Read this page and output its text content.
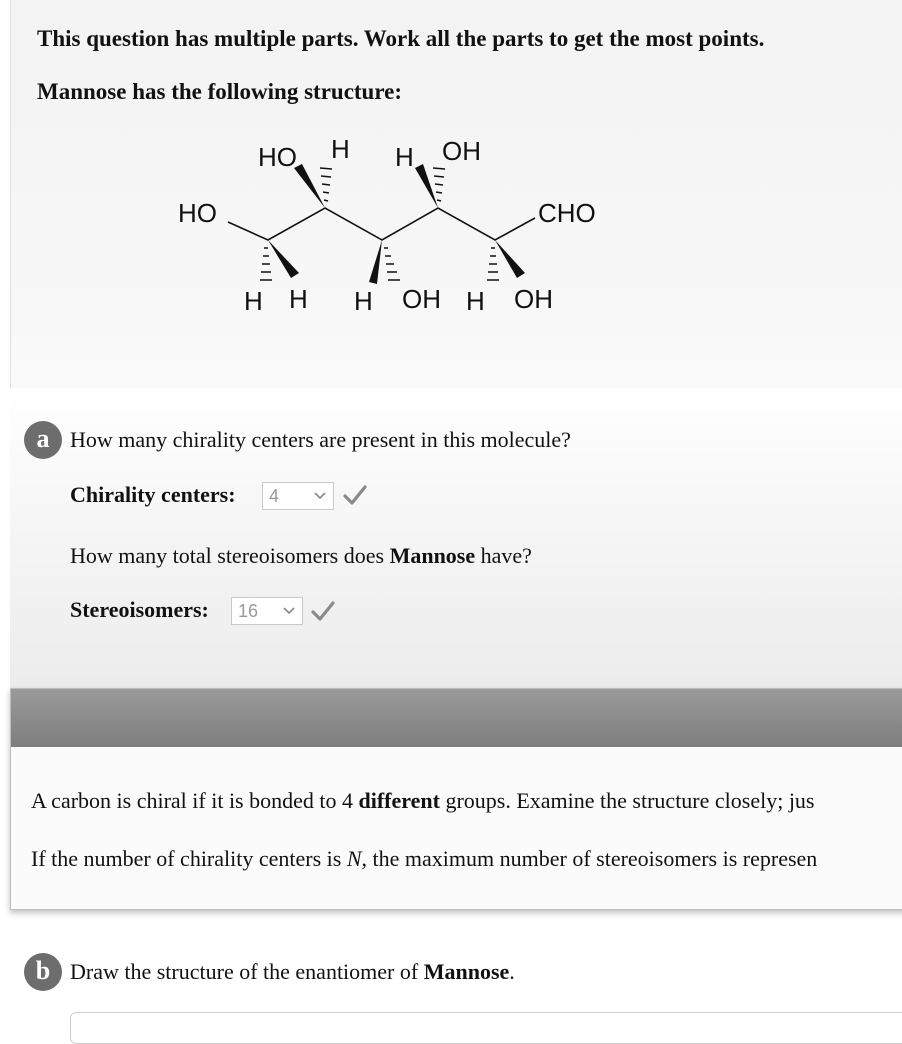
This question has multiple parts. Work all the parts to get the most points.

Mannose has the following structure:

HO	CHO
HO H H OH
H H H OH H OH
a How many chirality centers are present in this molecule?
Chirality centers:	4
How many total stereoisomers does Mannose have?
Stereoisomers:	16
A carbon is chiral if it is bonded to 4 different groups. Examine the structure closely; jus
If the number of chirality centers is N, the maximum number of stereoisomers is represen
b Draw the structure of the enantiomer of Mannose.
